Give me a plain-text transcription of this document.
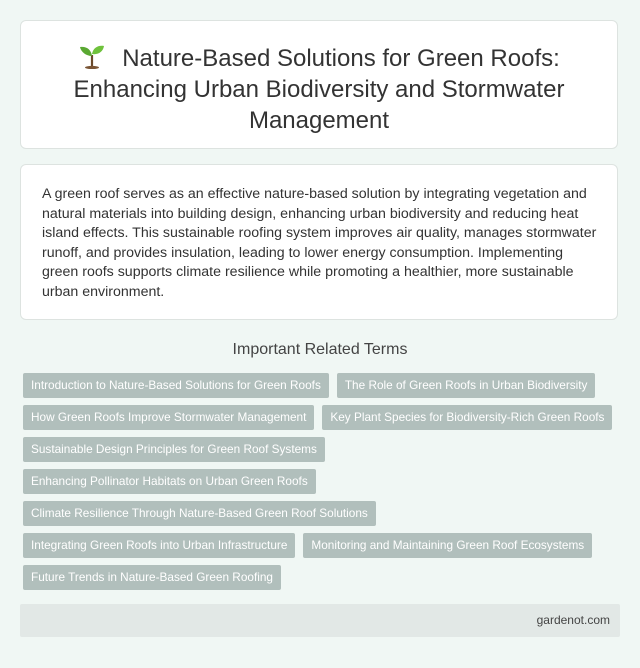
Nature-Based Solutions for Green Roofs: Enhancing Urban Biodiversity and Stormwater Management

A green roof serves as an effective nature-based solution by integrating vegetation and natural materials into building design, enhancing urban biodiversity and reducing heat island effects. This sustainable roofing system improves air quality, manages stormwater runoff, and provides insulation, leading to lower energy consumption. Implementing green roofs supports climate resilience while promoting a healthier, more sustainable urban environment.

Important Related Terms
Introduction to Nature-Based Solutions for Green Roofs	The Role of Green Roofs in Urban Biodiversity
How Green Roofs Improve Stormwater Management	Key Plant Species for Biodiversity-Rich Green Roofs
Sustainable Design Principles for Green Roof Systems
Enhancing Pollinator Habitats on Urban Green Roofs
Climate Resilience Through Nature-Based Green Roof Solutions
Integrating Green Roofs into Urban Infrastructure	Monitoring and Maintaining Green Roof Ecosystems
Future Trends in Nature-Based Green Roofing
gardenot.com
